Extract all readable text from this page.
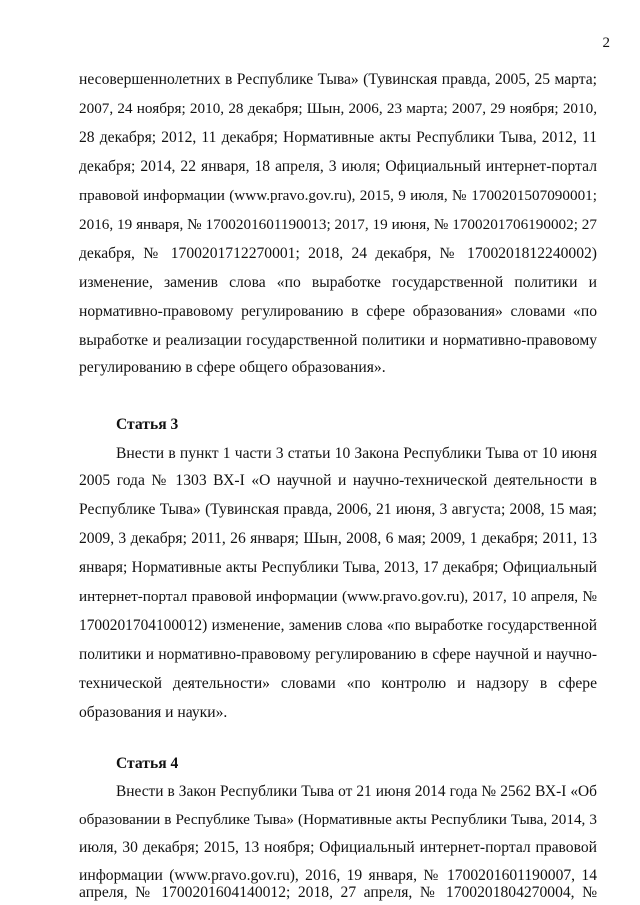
2
несовершеннолетних в Республике Тыва» (Тувинская правда, 2005, 25 марта;
2007, 24 ноября; 2010, 28 декабря; Шын, 2006, 23 марта; 2007, 29 ноября; 2010,
28 декабря; 2012, 11 декабря; Нормативные акты Республики Тыва, 2012, 11
декабря; 2014, 22 января, 18 апреля, 3 июля; Официальный интернет-портал
правовой информации (www.pravo.gov.ru), 2015, 9 июля, № 1700201507090001;
2016, 19 января, № 1700201601190013; 2017, 19 июня, № 1700201706190002; 27
декабря, № 1700201712270001; 2018, 24 декабря, № 1700201812240002)
изменение, заменив слова «по выработке государственной политики и
нормативно-правовому регулированию в сфере образования» словами «по
выработке и реализации государственной политики и нормативно-правовому
регулированию в сфере общего образования».
Статья 3
Внести в пункт 1 части 3 статьи 10 Закона Республики Тыва от 10 июня
2005 года № 1303 ВХ-I «О научной и научно-технической деятельности в
Республике Тыва» (Тувинская правда, 2006, 21 июня, 3 августа; 2008, 15 мая;
2009, 3 декабря; 2011, 26 января; Шын, 2008, 6 мая; 2009, 1 декабря; 2011, 13
января; Нормативные акты Республики Тыва, 2013, 17 декабря; Официальный
интернет-портал правовой информации (www.pravo.gov.ru), 2017, 10 апреля, №
1700201704100012) изменение, заменив слова «по выработке государственной
политики и нормативно-правовому регулированию в сфере научной и научно-
технической деятельности» словами «по контролю и надзору в сфере
образования и науки».
Статья 4
Внести в Закон Республики Тыва от 21 июня 2014 года № 2562 ВХ-I «Об
образовании в Республике Тыва» (Нормативные акты Республики Тыва, 2014, 3
июля, 30 декабря; 2015, 13 ноября; Официальный интернет-портал правовой
информации (www.pravo.gov.ru), 2016, 19 января, № 1700201601190007, 14
апреля, № 1700201604140012; 2018, 27 апреля, № 1700201804270004, №
